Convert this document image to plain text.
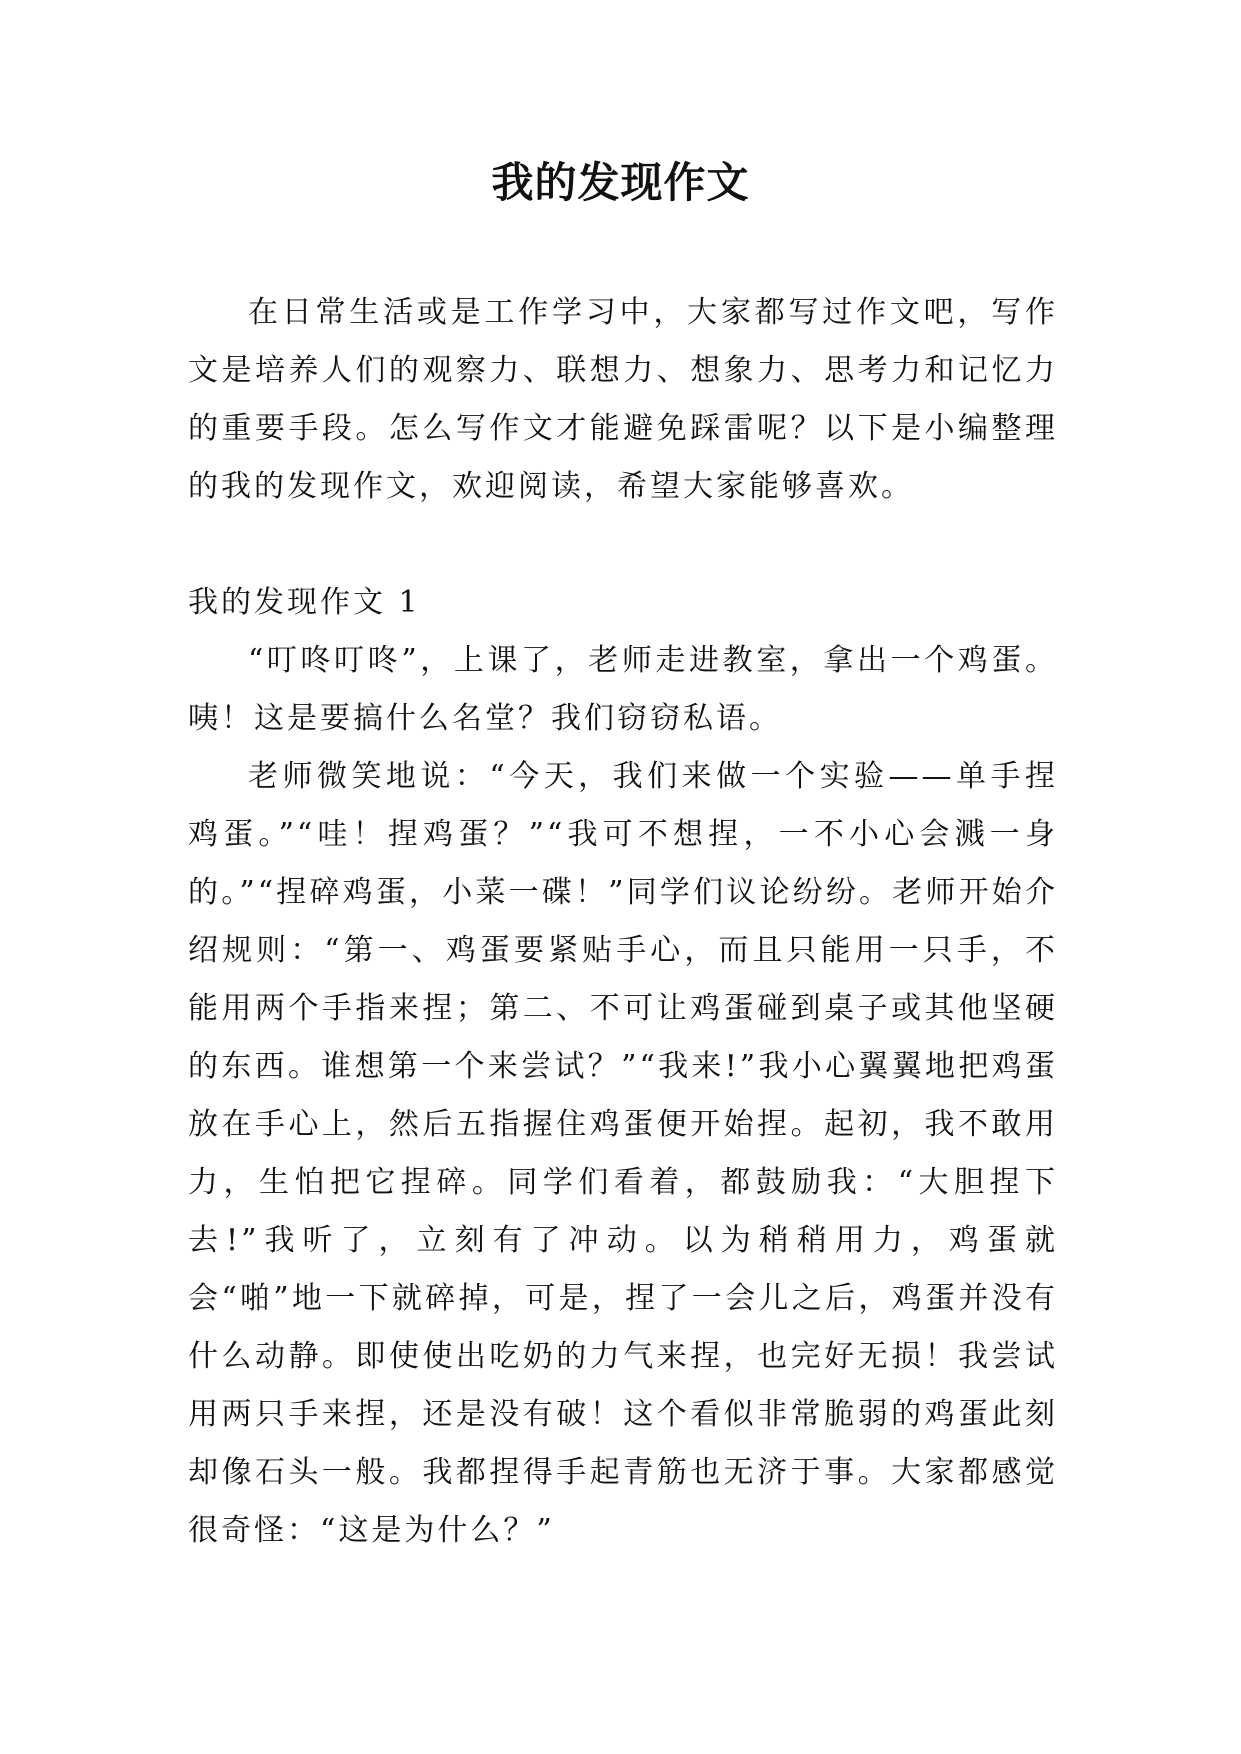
我的发现作文

在日常生活或是工作学习中，大家都写过作文吧，写作文是培养人们的观察力、联想力、想象力、思考力和记忆力的重要手段。怎么写作文才能避免踩雷呢？以下是小编整理的我的发现作文，欢迎阅读，希望大家能够喜欢。

我的发现作文 1

“叮咚叮咚”，上课了，老师走进教室，拿出一个鸡蛋。咦！这是要搞什么名堂？我们窃窃私语。

老师微笑地说：“今天，我们来做一个实验——单手捏鸡蛋。”“哇！捏鸡蛋？”“我可不想捏，一不小心会溅一身的。”“捏碎鸡蛋，小菜一碟！”同学们议论纷纷。老师开始介绍规则：“第一、鸡蛋要紧贴手心，而且只能用一只手，不能用两个手指来捏；第二、不可让鸡蛋碰到桌子或其他坚硬的东西。谁想第一个来尝试？”“我来!”我小心翼翼地把鸡蛋放在手心上，然后五指握住鸡蛋便开始捏。起初，我不敢用力，生怕把它捏碎。同学们看着，都鼓励我：“大胆捏下去!”我听了，立刻有了冲动。以为稍稍用力，鸡蛋就会“啪”地一下就碎掉，可是，捏了一会儿之后，鸡蛋并没有什么动静。即使使出吃奶的力气来捏，也完好无损！我尝试用两只手来捏，还是没有破！这个看似非常脆弱的鸡蛋此刻却像石头一般。我都捏得手起青筋也无济于事。大家都感觉很奇怪：“这是为什么？”
